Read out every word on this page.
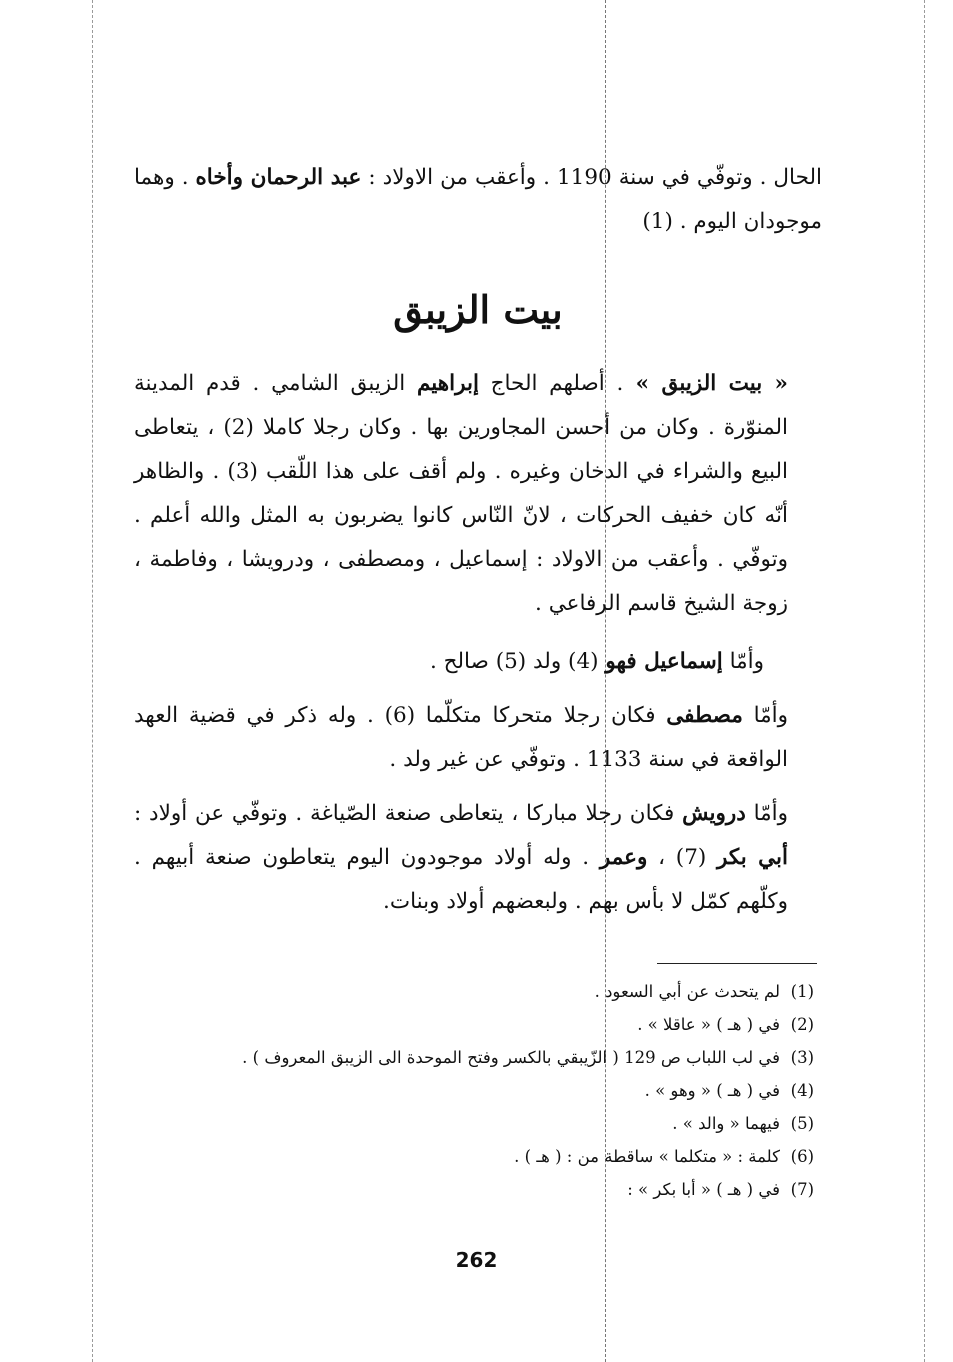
الحال . وتوفّي في سنة 1190 . وأعقب من الاولاد : عبد الرحمان وأخاه . وهما موجودان اليوم . (1)

بيت الزيبق

« بيت الزيبق » . أصلهم الحاج إبراهيم الزيبق الشامي . قدم المدينة المنوّرة . وكان من أحسن المجاورين بها . وكان رجلا كاملا (2) ، يتعاطى البيع والشراء في الدخان وغيره . ولم أقف على هذا اللّقب (3) . والظاهر أنّه كان خفيف الحركات ، لانّ النّاس كانوا يضربون به المثل والله أعلم . وتوفّي . وأعقب من الاولاد : إسماعيل ، ومصطفى ، ودرويشا ، وفاطمة ، زوجة الشيخ قاسم الرفاعي .

وأمّا إسماعيل فهو (4) ولد (5) صالح .

وأمّا مصطفى فكان رجلا متحركا متكلّما (6) . وله ذكر في قضية العهد الواقعة في سنة 1133 . وتوفّي عن غير ولد .

وأمّا درويش فكان رجلا مباركا ، يتعاطى صنعة الصّياغة . وتوفّي عن أولاد : أبي بكر (7) ، وعمر . وله أولاد موجودون اليوم يتعاطون صنعة أبيهم . وكلّهم كمّل لا بأس بهم . ولبعضهم أولاد وبنات.

(1)
لم يتحدث عن أبي السعود .
(2)
في ( هـ ) « عاقلا » .
(3)
في لب اللباب ص 129 ( الزّيبقي بالكسر وفتح الموحدة الى الزيبق المعروف ) .
(4)
في ( هـ ) « وهو » .
(5)
فيهما « والد » .
(6)
كلمة : « متكلما » ساقطة من : ( هـ ) .
(7)
في ( هـ ) « أبا بكر » :
262
